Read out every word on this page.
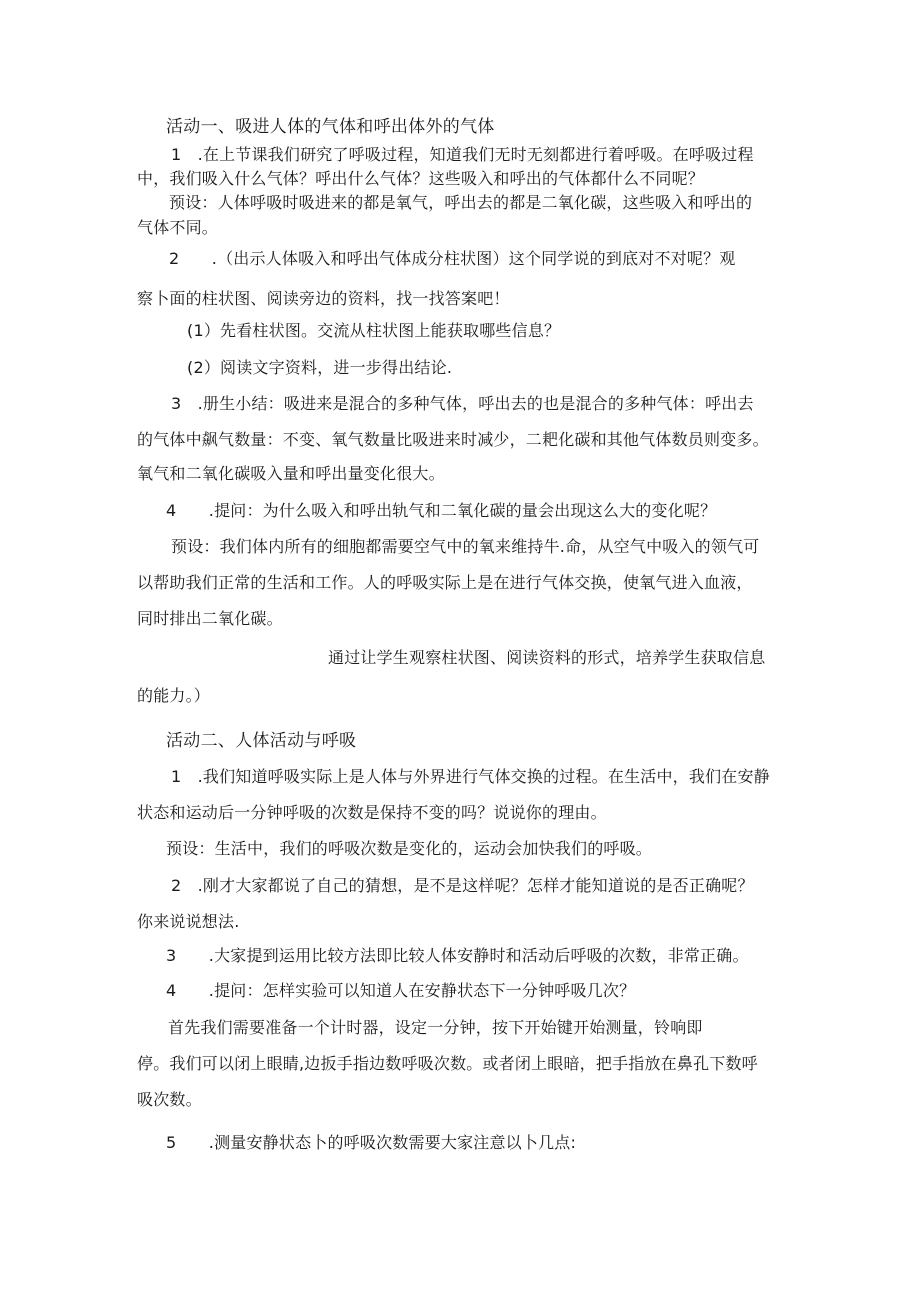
活动一、吸进人体的气体和呼出体外的气体
1　.在上节课我们研究了呼吸过程，知道我们无时无刻都进行着呼吸。在呼吸过程
中，我们吸入什么气体？呼出什么气体？这些吸入和呼出的气体都什么不同呢？
预设：人体呼吸时吸进来的都是氧气，呼出去的都是二氧化碳，这些吸入和呼出的
气体不同。
2　　.（出示人体吸入和呼出气体成分柱状图）这个同学说的到底对不对呢？观
察卜面的柱状图、阅读旁边的资料，找一找答案吧！
(1）先看柱状图。交流从柱状图上能获取哪些信息？
(2）阅读文字资料，进一步得出结论.
3　.册生小结：吸进来是混合的多种气体，呼出去的也是混合的多种气体：呼出去
的气体中飙气数量：不变、氧气数量比吸进来时减少，二耙化碳和其他气体数员则变多。
氧气和二氧化碳吸入量和呼出量变化很大。
4　　.提问：为什么吸入和呼出轨气和二氧化碳的量会出现这么大的变化呢？
预设：我们体内所有的细胞都需要空气中的氧来维持牛.命，从空气中吸入的领气可
以帮助我们正常的生活和工作。人的呼吸实际上是在进行气体交换，使氧气进入血液，
同时排出二氧化碳。
通过让学生观察柱状图、阅读资料的形式，培养学生获取信息
的能力。）
活动二、人体活动与呼吸
1　.我们知道呼吸实际上是人体与外界进行气体交换的过程。在生活中，我们在安静
状态和运动后一分钟呼吸的次数是保持不变的吗？说说你的理由。
预设：生活中，我们的呼吸次数是变化的，运动会加快我们的呼吸。
2　.刚才大家都说了自己的猜想，是不是这样呢？怎样才能知道说的是否正确呢？
你来说说想法.
3　　.大家提到运用比较方法即比较人体安静时和活动后呼吸的次数，非常正确。
4　　.提问：怎样实验可以知道人在安静状态下一分钟呼吸几次？
首先我们需要准备一个计时器，设定一分钟，按下开始键开始测量，铃响即
停。我们可以闭上眼睛,边扳手指边数呼吸次数。或者闭上眼暗，把手指放在鼻孔下数呼
吸次数。
5　　.测量安静状态卜的呼吸次数需要大家注意以卜几点:
